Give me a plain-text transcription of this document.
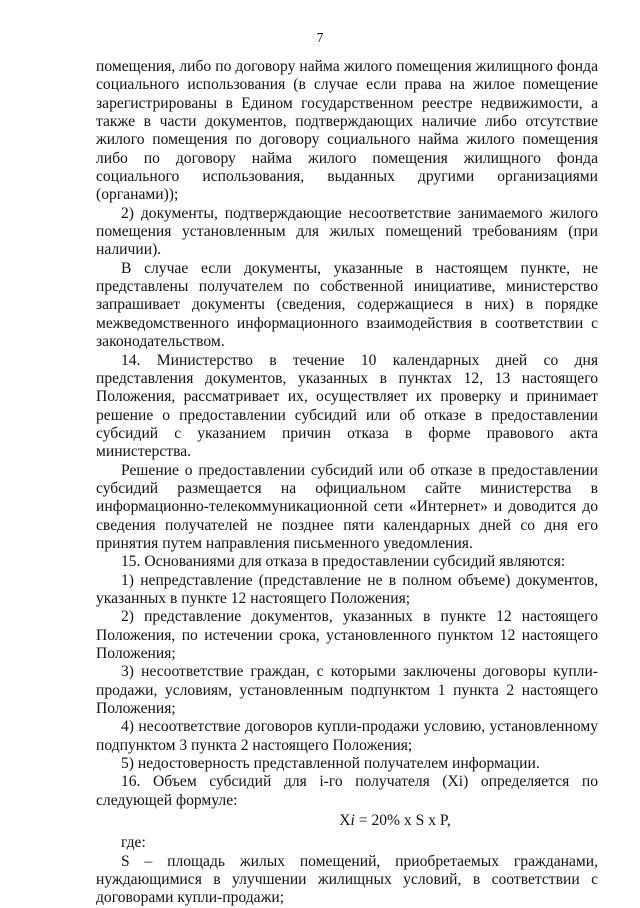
7

помещения, либо по договору найма жилого помещения жилищного фонда социального использования (в случае если права на жилое помещение зарегистрированы в Едином государственном реестре недвижимости, а также в части документов, подтверждающих наличие либо отсутствие жилого помещения по договору социального найма жилого помещения либо по договору найма жилого помещения жилищного фонда социального использования, выданных другими организациями (органами));

2) документы, подтверждающие несоответствие занимаемого жилого помещения установленным для жилых помещений требованиям (при наличии).

В случае если документы, указанные в настоящем пункте, не представлены получателем по собственной инициативе, министерство запрашивает документы (сведения, содержащиеся в них) в порядке межведомственного информационного взаимодействия в соответствии с законодательством.

14. Министерство в течение 10 календарных дней со дня представления документов, указанных в пунктах 12, 13 настоящего Положения, рассматривает их, осуществляет их проверку и принимает решение о предоставлении субсидий или об отказе в предоставлении субсидий с указанием причин отказа в форме правового акта министерства.

Решение о предоставлении субсидий или об отказе в предоставлении субсидий размещается на официальном сайте министерства в информационно-телекоммуникационной сети «Интернет» и доводится до сведения получателей не позднее пяти календарных дней со дня его принятия путем направления письменного уведомления.

15. Основаниями для отказа в предоставлении субсидий являются:

1) непредставление (представление не в полном объеме) документов, указанных в пункте 12 настоящего Положения;

2) представление документов, указанных в пункте 12 настоящего Положения, по истечении срока, установленного пунктом 12 настоящего Положения;

3) несоответствие граждан, с которыми заключены договоры купли-продажи, условиям, установленным подпунктом 1 пункта 2 настоящего Положения;

4) несоответствие договоров купли-продажи условию, установленному подпунктом 3 пункта 2 настоящего Положения;

5) недостоверность представленной получателем информации.

16. Объем субсидий для i-го получателя (Xi) определяется по следующей формуле:

Xi = 20% x S x P,

где:

S – площадь жилых помещений, приобретаемых гражданами, нуждающимися в улучшении жилищных условий, в соответствии с договорами купли-продажи;
